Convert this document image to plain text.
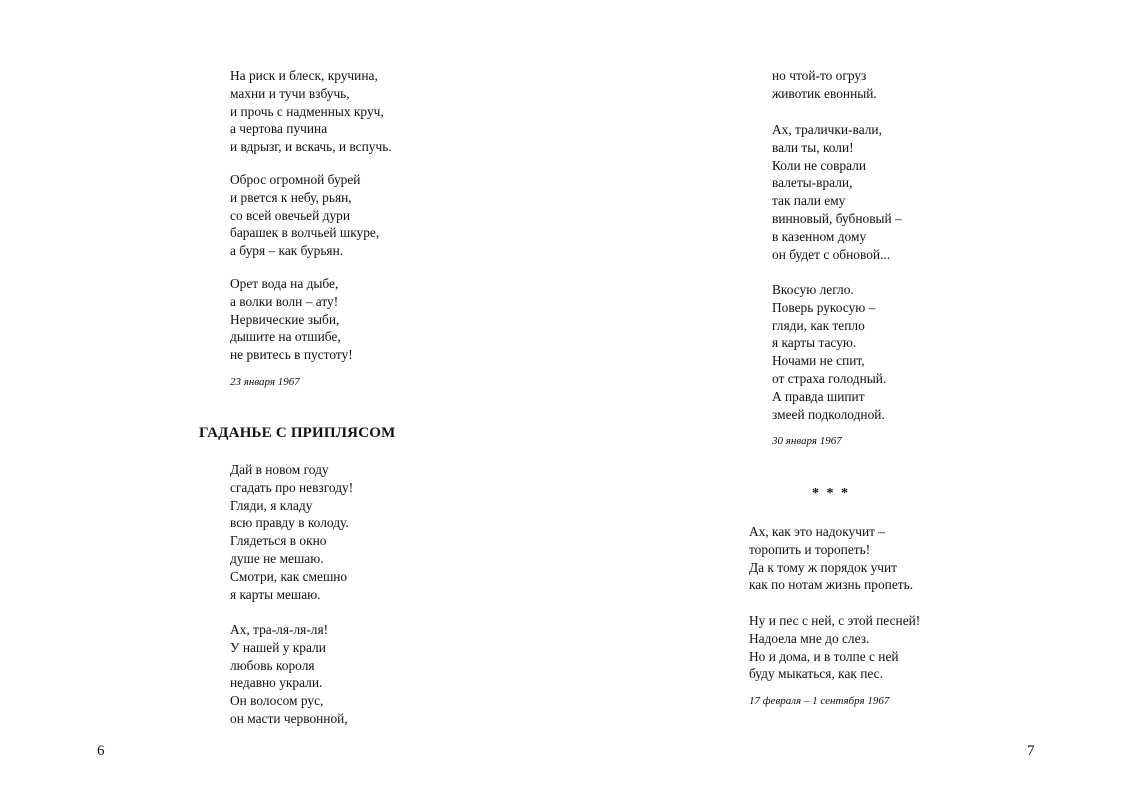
На риск и блеск, кручина,
махни и тучи взбучь,
и прочь с надменных круч,
а чертова пучина
и вдрызг, и вскачь, и вспучь.

Оброс огромной бурей
и рвется к небу, рьян,
со всей овечьей дури
барашек в волчьей шкуре,
а буря – как бурьян.

Орет вода на дыбе,
а волки волн – ату!
Нервические зыби,
дышите на отшибе,
не рвитесь в пустоту!

23 января 1967
ГАДАНЬЕ С ПРИПЛЯСОМ

Дай в новом году
сгадать про невзгоду!
Гляди, я кладу
всю правду в колоду.
Глядеться в окно
душе не мешаю.
Смотри, как смешно
я карты мешаю.

Ах, тра-ля-ля-ля!
У нашей у крали
любовь короля
недавно украли.
Он волосом рус,
он масти червонной,

6

но чтой-то огруз
животик евонный.

Ах, тралички-вали,
вали ты, коли!
Коли не соврали
валеты-врали,
так пали ему
винновый, бубновый –
в казенном дому
он будет с обновой...

Вкосую легло.
Поверь рукосую –
гляди, как тепло
я карты тасую.
Ночами не спит,
от страха голодный.
А правда шипит
змеей подколодной.

30 января 1967
* * *

Ах, как это надокучит –
торопить и торопеть!
Да к тому ж порядок учит
как по нотам жизнь пропеть.

Ну и пес с ней, с этой песней!
Надоела мне до слез.
Но и дома, и в толпе с ней
буду мыкаться, как пес.

17 февраля – 1 сентября 1967
7
